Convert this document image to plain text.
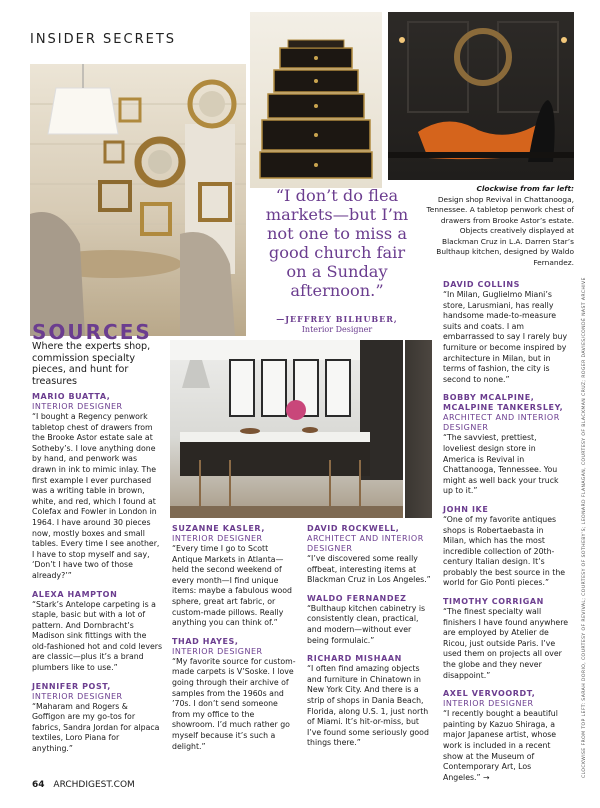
INSIDER SECRETS
“I don’t do flea markets—but I’m not one to miss a good church fair on a Sunday afternoon.”
—JEFFREY BILHUBER,
Interior Designer
Clockwise from far left:
Design shop Revival in Chattanooga, Tennessee. A tabletop penwork chest of drawers from Brooke Astor’s estate. Objects creatively displayed at Blackman Cruz in L.A. Darren Star’s Bulthaup kitchen, designed by Waldo Fernandez.
SOURCES
Where the experts shop, commission specialty pieces, and hunt for treasures
MARIO BUATTA,
INTERIOR DESIGNER
“I bought a Regency penwork tabletop chest of drawers from the Brooke Astor estate sale at Sotheby’s. I love anything done by hand, and penwork was drawn in ink to mimic inlay. The first example I ever purchased was a writing table in brown, white, and red, which I found at Colefax and Fowler in London in 1964. I have around 30 pieces now, mostly boxes and small tables. Every time I see another, I have to stop myself and say, ‘Don’t I have two of those already?’”
ALEXA HAMPTON
“Stark’s Antelope carpeting is a staple, basic but with a lot of pattern. And Dornbracht’s Madison sink fittings with the old-fashioned hot and cold levers are classic—plus it’s a brand plumbers like to use.”
JENNIFER POST,
INTERIOR DESIGNER
“Maharam and Rogers & Goffigon are my go-tos for fabrics, Sandra Jordan for alpaca textiles, Loro Piana for anything.”
SUZANNE KASLER,
INTERIOR DESIGNER
“Every time I go to Scott Antique Markets in Atlanta—held the second weekend of every month—I find unique items: maybe a fabulous wood sphere, great art fabric, or custom-made pillows. Really anything you can think of.”
THAD HAYES,
INTERIOR DESIGNER
“My favorite source for custom-made carpets is V’Soske. I love going through their archive of samples from the 1960s and ’70s. I don’t send someone from my office to the showroom. I’d much rather go myself because it’s such a delight.”
DAVID ROCKWELL,
ARCHITECT AND INTERIOR DESIGNER
“I’ve discovered some really offbeat, interesting items at Blackman Cruz in Los Angeles.”
WALDO FERNANDEZ
“Bulthaup kitchen cabinetry is consistently clean, practical, and modern—without ever being formulaic.”
RICHARD MISHAAN
“I often find amazing objects and furniture in Chinatown in New York City. And there is a strip of shops in Dania Beach, Florida, along U.S. 1, just north of Miami. It’s hit-or-miss, but I’ve found some seriously good things there.”
DAVID COLLINS
“In Milan, Guglielmo Miani’s store, Larusmiani, has really handsome made-to-measure suits and coats. I am embarrassed to say I rarely buy furniture or become inspired by architecture in Milan, but in terms of fashion, the city is second to none.”
BOBBY MCALPINE, MCALPINE TANKERSLEY,
ARCHITECT AND INTERIOR DESIGNER
“The savviest, prettiest, loveliest design store in America is Revival in Chattanooga, Tennessee. You might as well back your truck up to it.”
JOHN IKE
“One of my favorite antiques shops is Robertaebasta in Milan, which has the most incredible collection of 20th-century Italian design. It’s probably the best source in the world for Gio Ponti pieces.”
TIMOTHY CORRIGAN
“The finest specialty wall finishers I have found anywhere are employed by Atelier de Ricou, just outside Paris. I’ve used them on projects all over the globe and they never disappoint.”
AXEL VERVOORDT,
INTERIOR DESIGNER
“I recently bought a beautiful painting by Kazuo Shiraga, a major Japanese artist, whose work is included in a recent show at the Museum of Contemporary Art, Los Angeles.” →
64 ARCHDIGEST.COM
CLOCKWISE FROM TOP LEFT: SARAH DORIO, COURTESY OF REVIVAL; COURTESY OF SOTHEBY’S; LEONARD FLANAGAN, COURTESY OF BLACKMAN CRUZ; ROGER DAVIES/CONDÉ NAST ARCHIVE
